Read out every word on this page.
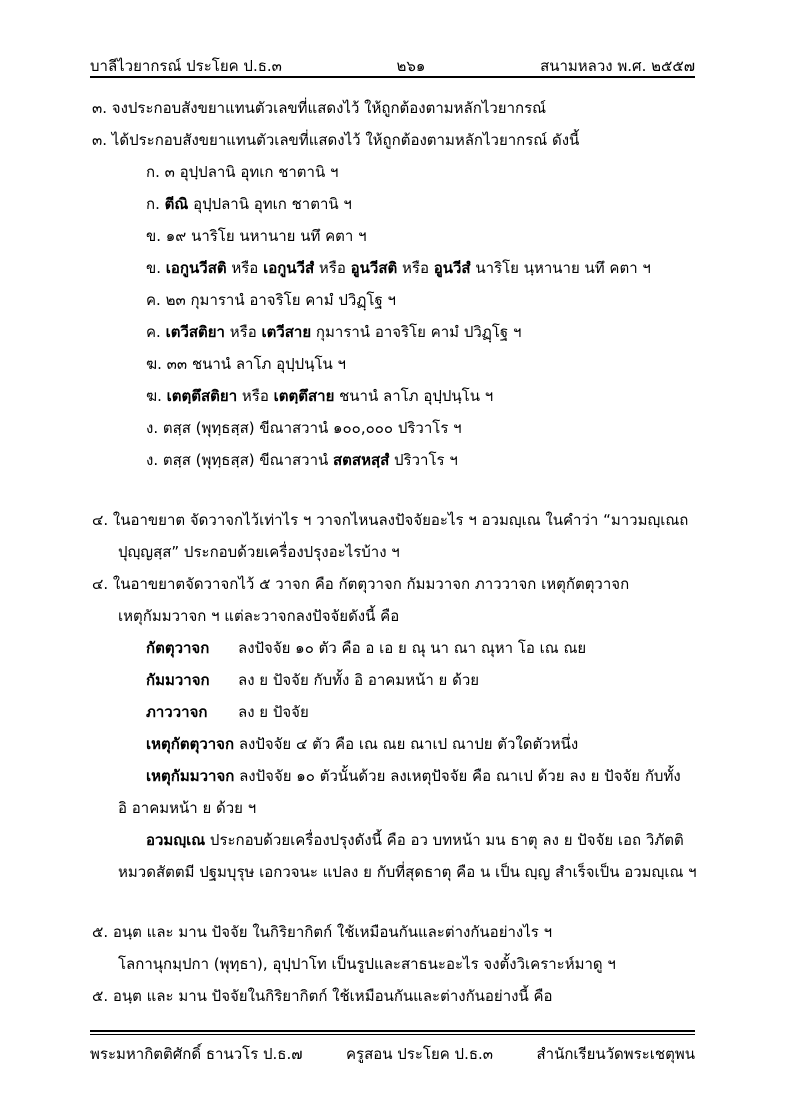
บาลีไวยากรณ์ ประโยค ป.ธ.๓	๒๖๑	สนามหลวง พ.ศ. ๒๕๕๗
๓. จงประกอบสังขยาแทนตัวเลขที่แสดงไว้ ให้ถูกต้องตามหลักไวยากรณ์
๓. ได้ประกอบสังขยาแทนตัวเลขที่แสดงไว้ ให้ถูกต้องตามหลักไวยากรณ์ ดังนี้
ก. ๓ อุปฺปลานิ อุทเก ชาตานิ ฯ
ก. ตีณิ อุปฺปลานิ อุทเก ชาตานิ ฯ
ข. ๑๙ นาริโย นหานาย นทึ คตา ฯ
ข. เอกูนวีสติ หรือ เอกูนวีสํ หรือ อูนวีสติ หรือ อูนวีสํ นาริโย นฺหานาย นทึ คตา ฯ
ค. ๒๓ กุมารานํ อาจริโย คามํ ปวิฏฺโฐ ฯ
ค. เตวีสติยา หรือ เตวีสาย กุมารานํ อาจริโย คามํ ปวิฏฺโฐ ฯ
ฆ. ๓๓ ชนานํ ลาโภ อุปฺปนฺโน ฯ
ฆ. เตตฺตึสติยา หรือ เตตฺตึสาย ชนานํ ลาโภ อุปฺปนฺโน ฯ
ง. ตสฺส (พุทฺธสฺส) ขีณาสวานํ ๑๐๐,๐๐๐ ปริวาโร ฯ
ง. ตสฺส (พุทฺธสฺส) ขีณาสวานํ สตสหสฺสํ ปริวาโร ฯ
๔. ในอาขยาต จัดวาจกไว้เท่าไร ฯ วาจกไหนลงปัจจัยอะไร ฯ อวมญฺเณ ในคำว่า “มาวมญฺเณถ
ปุญฺญสฺส” ประกอบด้วยเครื่องปรุงอะไรบ้าง ฯ
๔. ในอาขยาตจัดวาจกไว้ ๕ วาจก คือ กัตตุวาจก กัมมวาจก ภาววาจก เหตุกัตตุวาจก
เหตุกัมมวาจก ฯ แต่ละวาจกลงปัจจัยดังนี้ คือ
กัตตุวาจก ลงปัจจัย ๑๐ ตัว คือ อ เอ ย ณุ นา ณา ณุหา โอ เณ ณย
กัมมวาจก ลง ย ปัจจัย กับทั้ง อิ อาคมหน้า ย ด้วย
ภาววาจก ลง ย ปัจจัย
เหตุกัตตุวาจก ลงปัจจัย ๔ ตัว คือ เณ ณย ณาเป ณาปย ตัวใดตัวหนึ่ง
เหตุกัมมวาจก ลงปัจจัย ๑๐ ตัวนั้นด้วย ลงเหตุปัจจัย คือ ณาเป ด้วย ลง ย ปัจจัย กับทั้ง
อิ อาคมหน้า ย ด้วย ฯ
อวมญฺเณ ประกอบด้วยเครื่องปรุงดังนี้ คือ อว บทหน้า มน ธาตุ ลง ย ปัจจัย เอถ วิภัตติ
หมวดสัตตมี ปฐมบุรุษ เอกวจนะ แปลง ย กับที่สุดธาตุ คือ น เป็น ญฺญ สำเร็จเป็น อวมญฺเณ ฯ
๕. อนฺต และ มาน ปัจจัย ในกิริยากิตก์ ใช้เหมือนกันและต่างกันอย่างไร ฯ
โลกานุกมฺปกา (พุทฺธา), อุปฺปาโท เป็นรูปและสาธนะอะไร จงตั้งวิเคราะห์มาดู ฯ
๕. อนฺต และ มาน ปัจจัยในกิริยากิตก์ ใช้เหมือนกันและต่างกันอย่างนี้ คือ
พระมหากิตติศักดิ์ ธานวโร ป.ธ.๗	ครูสอน ประโยค ป.ธ.๓	สำนักเรียนวัดพระเชตุพน
